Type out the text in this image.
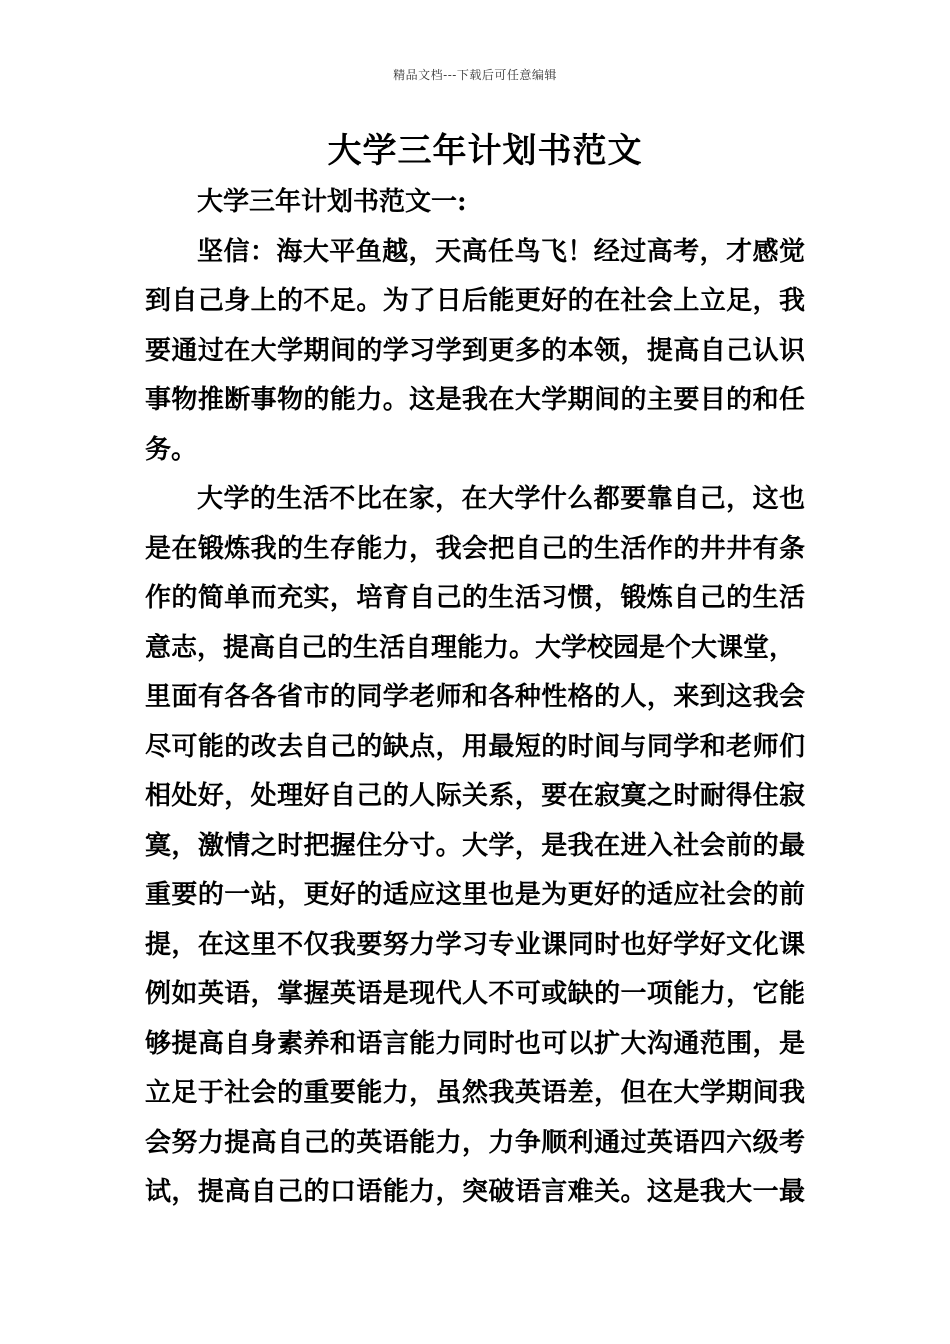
精品文档---下载后可任意编辑
大学三年计划书范文
大学三年计划书范文一:
坚信：海大平鱼越，天高任鸟飞！经过高考，才感觉
到自己身上的不足。为了日后能更好的在社会上立足，我
要通过在大学期间的学习学到更多的本领，提高自己认识
事物推断事物的能力。这是我在大学期间的主要目的和任
务。
大学的生活不比在家，在大学什么都要靠自己，这也
是在锻炼我的生存能力，我会把自己的生活作的井井有条
作的简单而充实，培育自己的生活习惯，锻炼自己的生活
意志，提高自己的生活自理能力。大学校园是个大课堂，
里面有各各省市的同学老师和各种性格的人，来到这我会
尽可能的改去自己的缺点，用最短的时间与同学和老师们
相处好，处理好自己的人际关系，要在寂寞之时耐得住寂
寞，激情之时把握住分寸。大学，是我在进入社会前的最
重要的一站，更好的适应这里也是为更好的适应社会的前
提，在这里不仅我要努力学习专业课同时也好学好文化课
例如英语，掌握英语是现代人不可或缺的一项能力，它能
够提高自身素养和语言能力同时也可以扩大沟通范围，是
立足于社会的重要能力，虽然我英语差，但在大学期间我
会努力提高自己的英语能力，力争顺利通过英语四六级考
试，提高自己的口语能力，突破语言难关。这是我大一最
